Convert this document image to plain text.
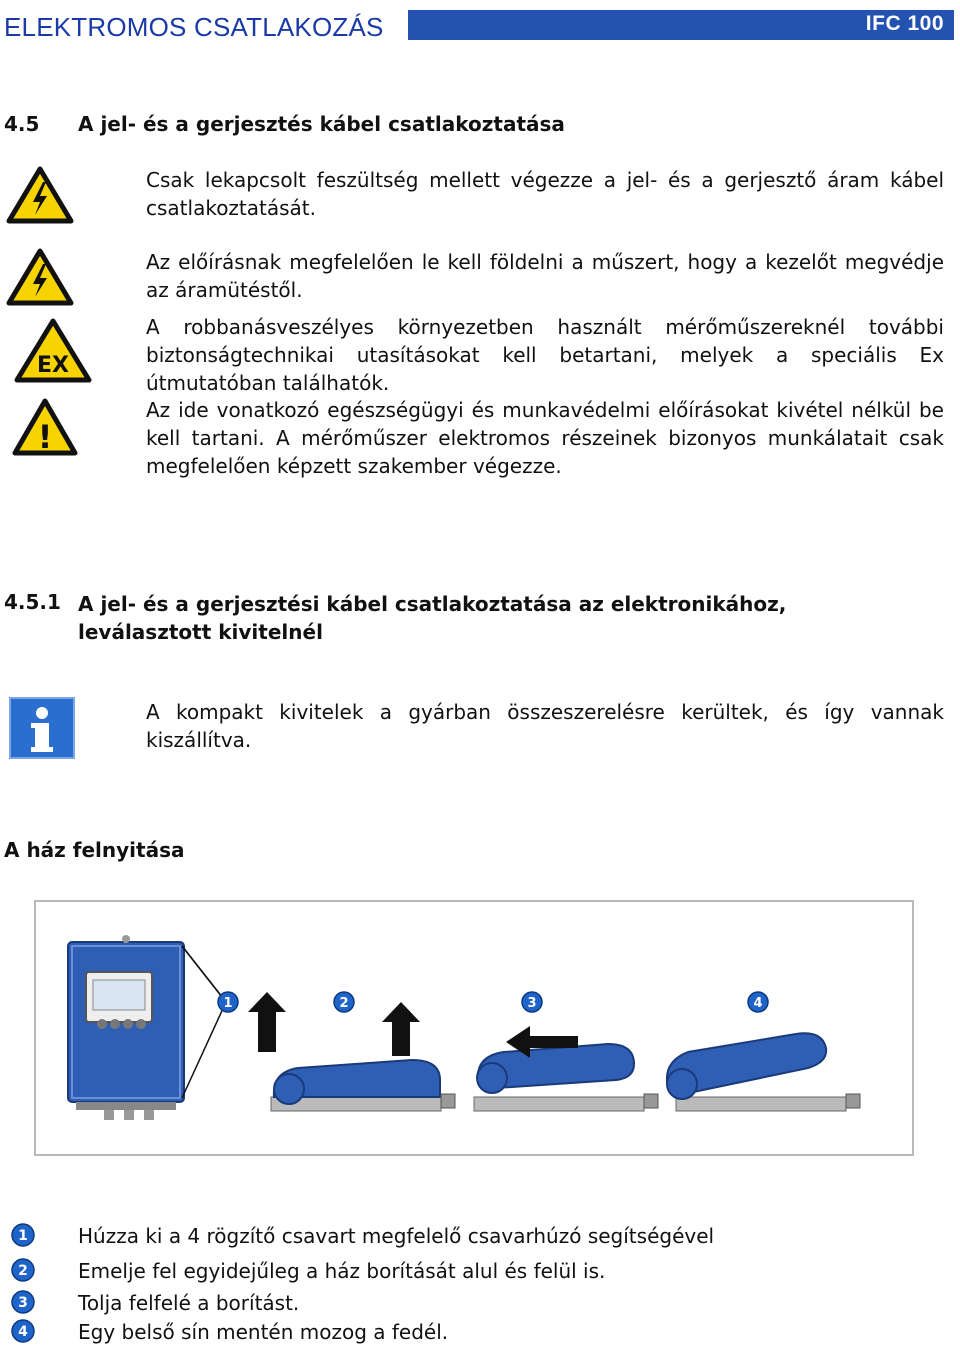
ELEKTROMOS CSATLAKOZÁS	IFC 100
4.5 A jel- és a gerjesztés kábel csatlakoztatása
EX
!

Csak lekapcsolt feszültség mellett végezze a jel- és a gerjesztő áram kábel csatlakoztatását.

Az előírásnak megfelelően le kell földelni a műszert, hogy a kezelőt megvédje az áramütéstől.

A robbanásveszélyes környezetben használt mérőműszereknél további biztonságtechnikai utasításokat kell betartani, melyek a speciális Ex útmutatóban találhatók.

Az ide vonatkozó egészségügyi és munkavédelmi előírásokat kivétel nélkül be kell tartani. A mérőműszer elektromos részeinek bizonyos munkálatait csak megfelelően képzett szakember végezze.

4.5.1 A jel- és a gerjesztési kábel csatlakoztatása az elektronikához, leválasztott kivitelnél

A kompakt kivitelek a gyárban összeszerelésre kerültek, és így vannak kiszállítva.

A ház felnyitása
1	2	3	4
1	Húzza ki a 4 rögzítő csavart megfelelő csavarhúzó segítségével
2	Emelje fel egyidejűleg a ház borítását alul és felül is.
3	Tolja felfelé a borítást.
4	Egy belső sín mentén mozog a fedél.
